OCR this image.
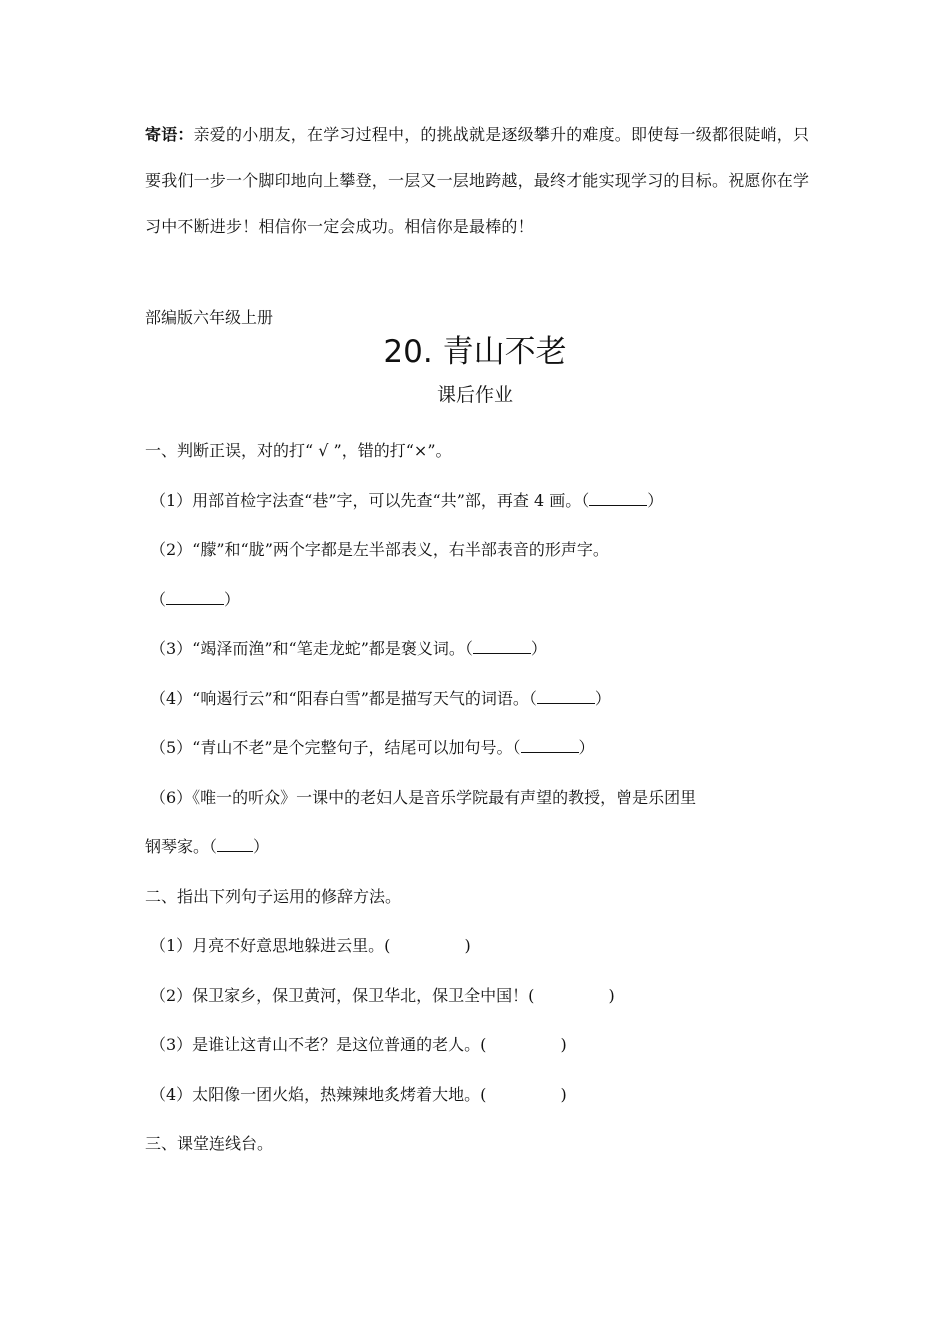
寄语：亲爱的小朋友，在学习过程中，的挑战就是逐级攀升的难度。即使每一级都很陡峭，只要我们一步一个脚印地向上攀登，一层又一层地跨越，最终才能实现学习的目标。祝愿你在学习中不断进步！相信你一定会成功。相信你是最棒的！
部编版六年级上册
20. 青山不老
课后作业
一、判断正误，对的打“ √ ”，错的打“×”。
（1）用部首检字法查“巷”字，可以先查“共”部，再查 4 画。（	）
（2）“朦”和“胧”两个字都是左半部表义，右半部表音的形声字。
（	）
（3）“竭泽而渔”和“笔走龙蛇”都是褒义词。（	）
（4）“响遏行云”和“阳春白雪”都是描写天气的词语。（	）
（5）“青山不老”是个完整句子，结尾可以加句号。（	）
（6）《唯一的听众》一课中的老妇人是音乐学院最有声望的教授，曾是乐团里
钢琴家。（ ）
二、指出下列句子运用的修辞方法。
（1）月亮不好意思地躲进云里。(	)
（2）保卫家乡，保卫黄河，保卫华北，保卫全中国！(	)
（3）是谁让这青山不老？是这位普通的老人。(	)
（4）太阳像一团火焰，热辣辣地炙烤着大地。(	)
三、课堂连线台。
